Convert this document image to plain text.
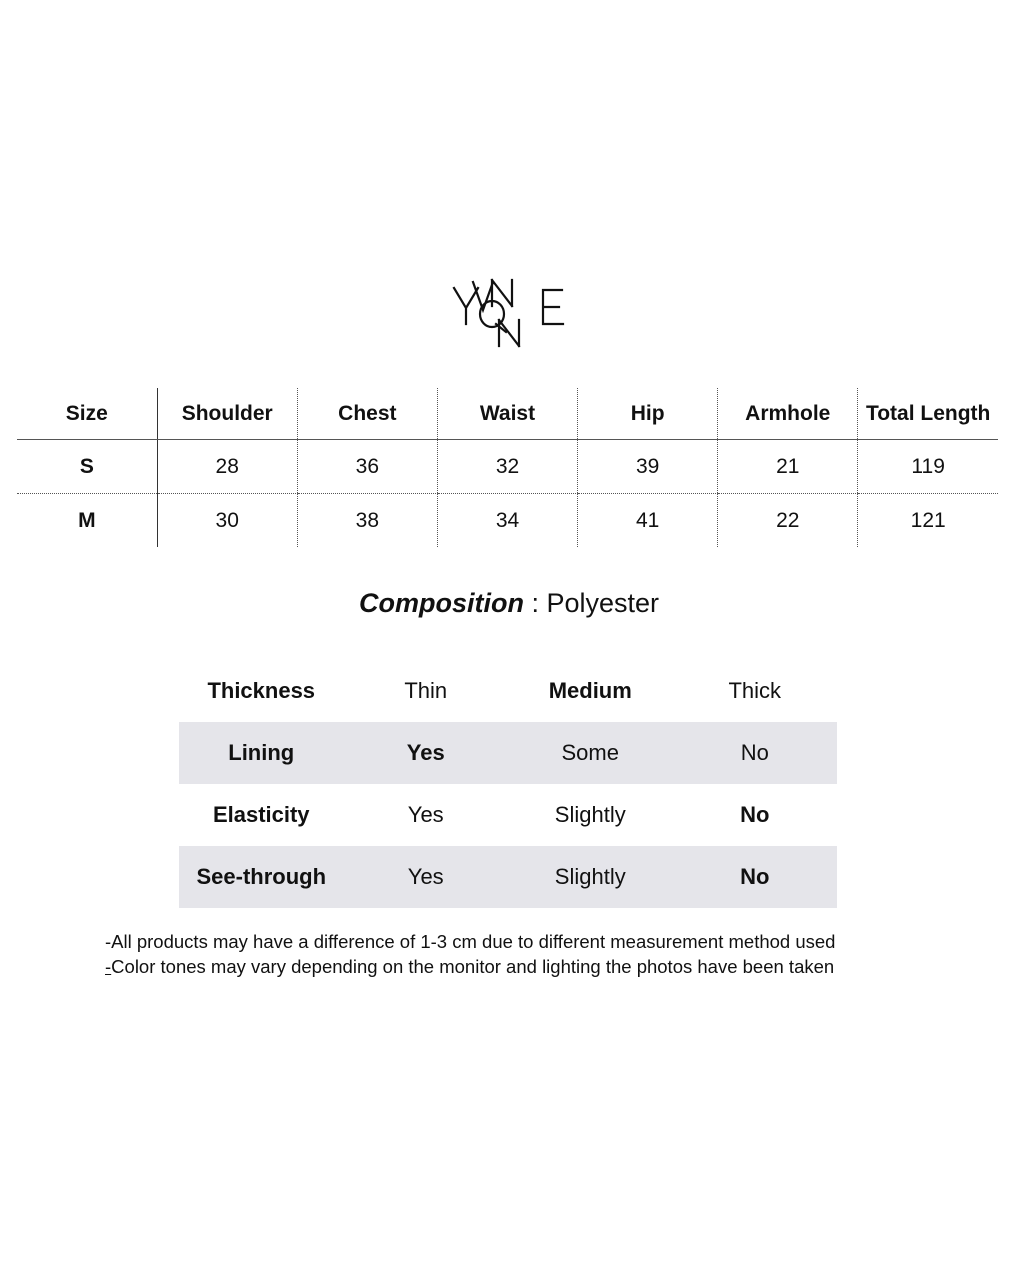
Size	Shoulder	Chest	Waist	Hip	Armhole	Total Length
S	28	36	32	39	21	119
M	30	38	34	41	22	121
Composition : Polyester
Thickness	Thin	Medium	Thick
Lining	Yes	Some	No
Elasticity	Yes	Slightly	No
See-through	Yes	Slightly	No
-All products may have a difference of 1-3 cm due to different measurement method used
-Color tones may vary depending on the monitor and lighting the photos have been taken
